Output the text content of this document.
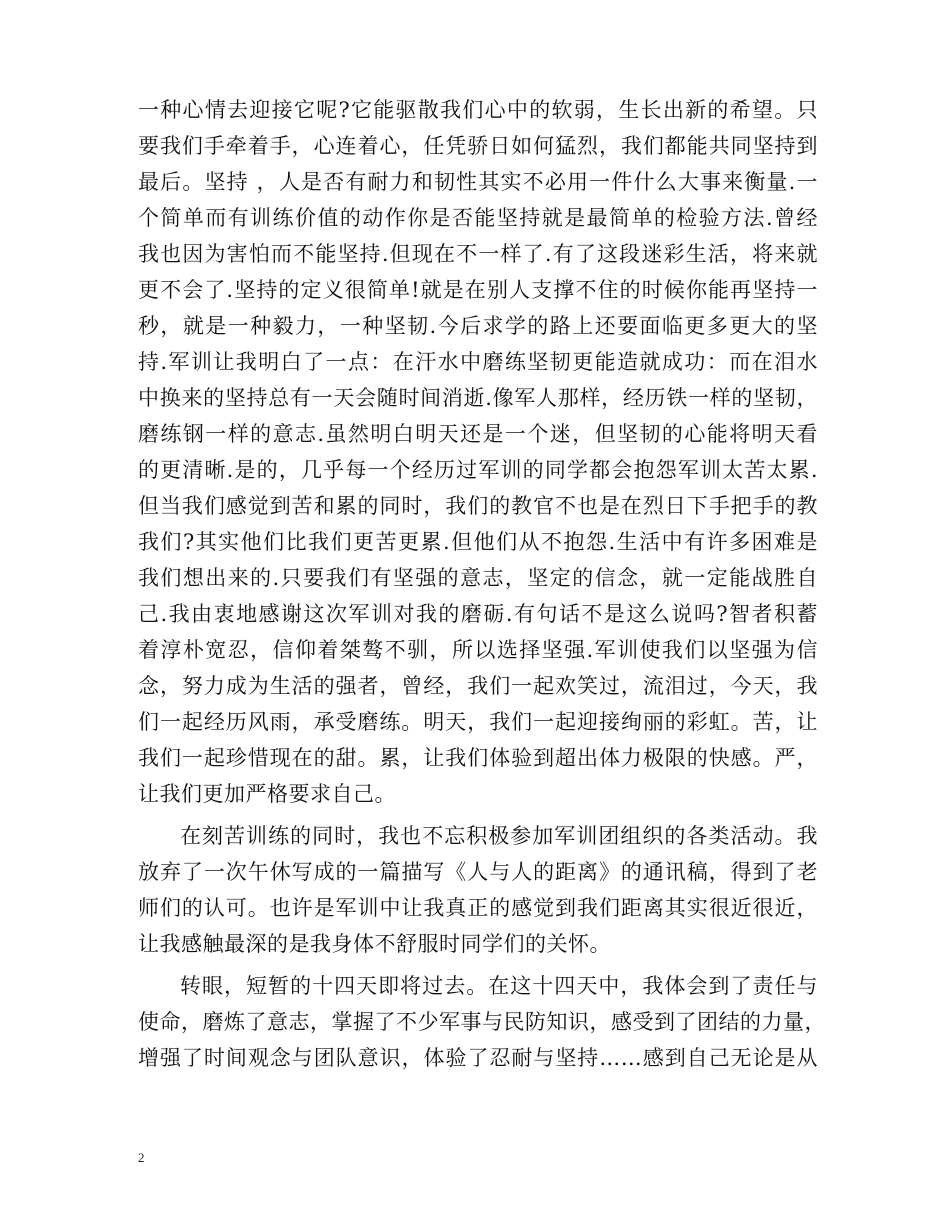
一种心情去迎接它呢?它能驱散我们心中的软弱，生长出新的希望。只
要我们手牵着手，心连着心，任凭骄日如何猛烈，我们都能共同坚持到
最后。坚持 ，人是否有耐力和韧性其实不必用一件什么大事来衡量.一
个简单而有训练价值的动作你是否能坚持就是最简单的检验方法.曾经
我也因为害怕而不能坚持.但现在不一样了.有了这段迷彩生活，将来就
更不会了.坚持的定义很简单!就是在别人支撑不住的时候你能再坚持一
秒，就是一种毅力，一种坚韧.今后求学的路上还要面临更多更大的坚
持.军训让我明白了一点：在汗水中磨练坚韧更能造就成功：而在泪水
中换来的坚持总有一天会随时间消逝.像军人那样，经历铁一样的坚韧，
磨练钢一样的意志.虽然明白明天还是一个迷，但坚韧的心能将明天看
的更清晰.是的，几乎每一个经历过军训的同学都会抱怨军训太苦太累.
但当我们感觉到苦和累的同时，我们的教官不也是在烈日下手把手的教
我们?其实他们比我们更苦更累.但他们从不抱怨.生活中有许多困难是
我们想出来的.只要我们有坚强的意志，坚定的信念，就一定能战胜自
己.我由衷地感谢这次军训对我的磨砺.有句话不是这么说吗?智者积蓄
着淳朴宽忍，信仰着桀骜不驯，所以选择坚强.军训使我们以坚强为信
念，努力成为生活的强者，曾经，我们一起欢笑过，流泪过，今天，我
们一起经历风雨，承受磨练。明天，我们一起迎接绚丽的彩虹。苦，让
我们一起珍惜现在的甜。累，让我们体验到超出体力极限的快感。严，
让我们更加严格要求自己。
在刻苦训练的同时，我也不忘积极参加军训团组织的各类活动。我
放弃了一次午休写成的一篇描写《人与人的距离》的通讯稿，得到了老
师们的认可。也许是军训中让我真正的感觉到我们距离其实很近很近，
让我感触最深的是我身体不舒服时同学们的关怀。
转眼，短暂的十四天即将过去。在这十四天中，我体会到了责任与
使命，磨炼了意志，掌握了不少军事与民防知识，感受到了团结的力量，
增强了时间观念与团队意识，体验了忍耐与坚持……感到自己无论是从
2
